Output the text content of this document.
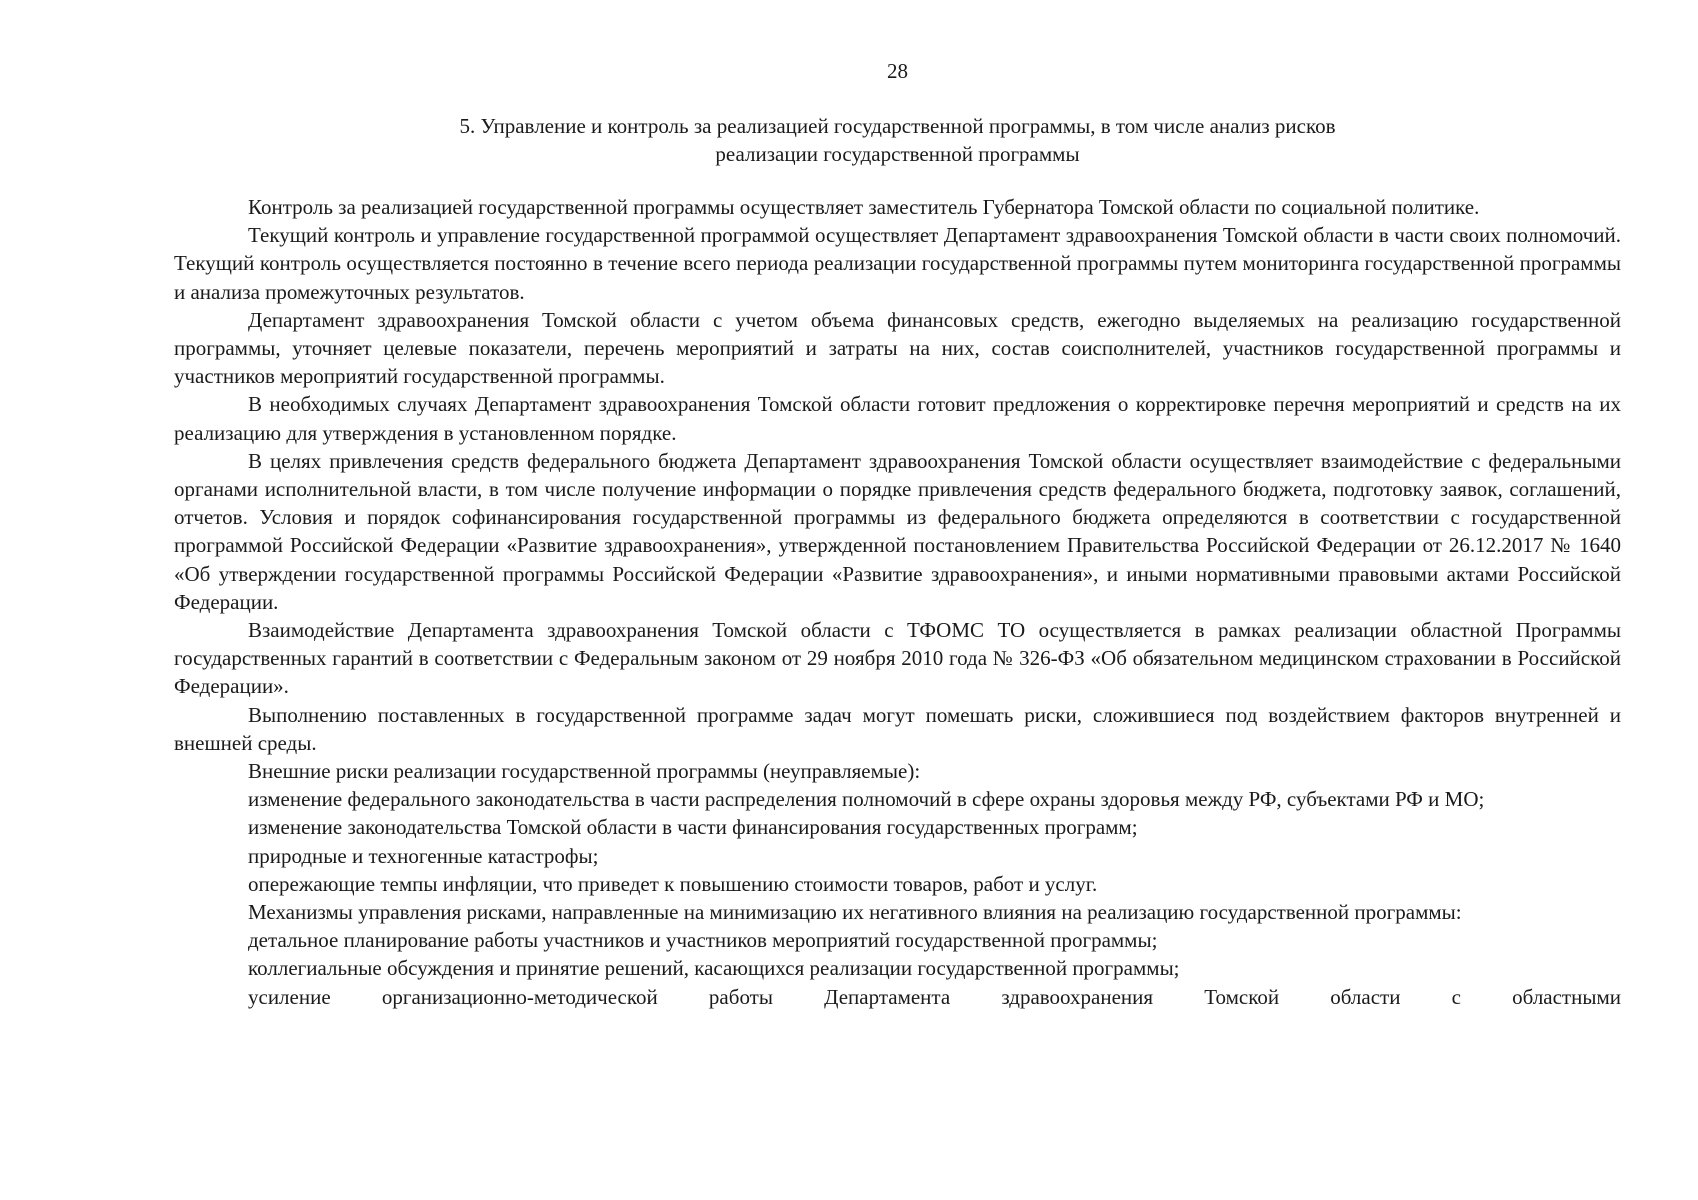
28
5. Управление и контроль за реализацией государственной программы, в том числе анализ рисков
реализации государственной программы

Контроль за реализацией государственной программы осуществляет заместитель Губернатора Томской области по социальной политике.

Текущий контроль и управление государственной программой осуществляет Департамент здравоохранения Томской области в части своих полномочий. Текущий контроль осуществляется постоянно в течение всего периода реализации государственной программы путем мониторинга государственной программы и анализа промежуточных результатов.

Департамент здравоохранения Томской области с учетом объема финансовых средств, ежегодно выделяемых на реализацию государственной программы, уточняет целевые показатели, перечень мероприятий и затраты на них, состав соисполнителей, участников государственной программы и участников мероприятий государственной программы.

В необходимых случаях Департамент здравоохранения Томской области готовит предложения о корректировке перечня мероприятий и средств на их реализацию для утверждения в установленном порядке.

В целях привлечения средств федерального бюджета Департамент здравоохранения Томской области осуществляет взаимодействие с федеральными органами исполнительной власти, в том числе получение информации о порядке привлечения средств федерального бюджета, подготовку заявок, соглашений, отчетов. Условия и порядок софинансирования государственной программы из федерального бюджета определяются в соответствии с государственной программой Российской Федерации «Развитие здравоохранения», утвержденной постановлением Правительства Российской Федерации от 26.12.2017 № 1640 «Об утверждении государственной программы Российской Федерации «Развитие здравоохранения», и иными нормативными правовыми актами Российской Федерации.

Взаимодействие Департамента здравоохранения Томской области с ТФОМС ТО осуществляется в рамках реализации областной Программы государственных гарантий в соответствии с Федеральным законом от 29 ноября 2010 года № 326-ФЗ «Об обязательном медицинском страховании в Российской Федерации».

Выполнению поставленных в государственной программе задач могут помешать риски, сложившиеся под воздействием факторов внутренней и внешней среды.

Внешние риски реализации государственной программы (неуправляемые):

изменение федерального законодательства в части распределения полномочий в сфере охраны здоровья между РФ, субъектами РФ и МО;

изменение законодательства Томской области в части финансирования государственных программ;

природные и техногенные катастрофы;

опережающие темпы инфляции, что приведет к повышению стоимости товаров, работ и услуг.

Механизмы управления рисками, направленные на минимизацию их негативного влияния на реализацию государственной программы:

детальное планирование работы участников и участников мероприятий государственной программы;

коллегиальные обсуждения и принятие решений, касающихся реализации государственной программы;

усиление организационно-методической работы Департамента здравоохранения Томской области с областными
